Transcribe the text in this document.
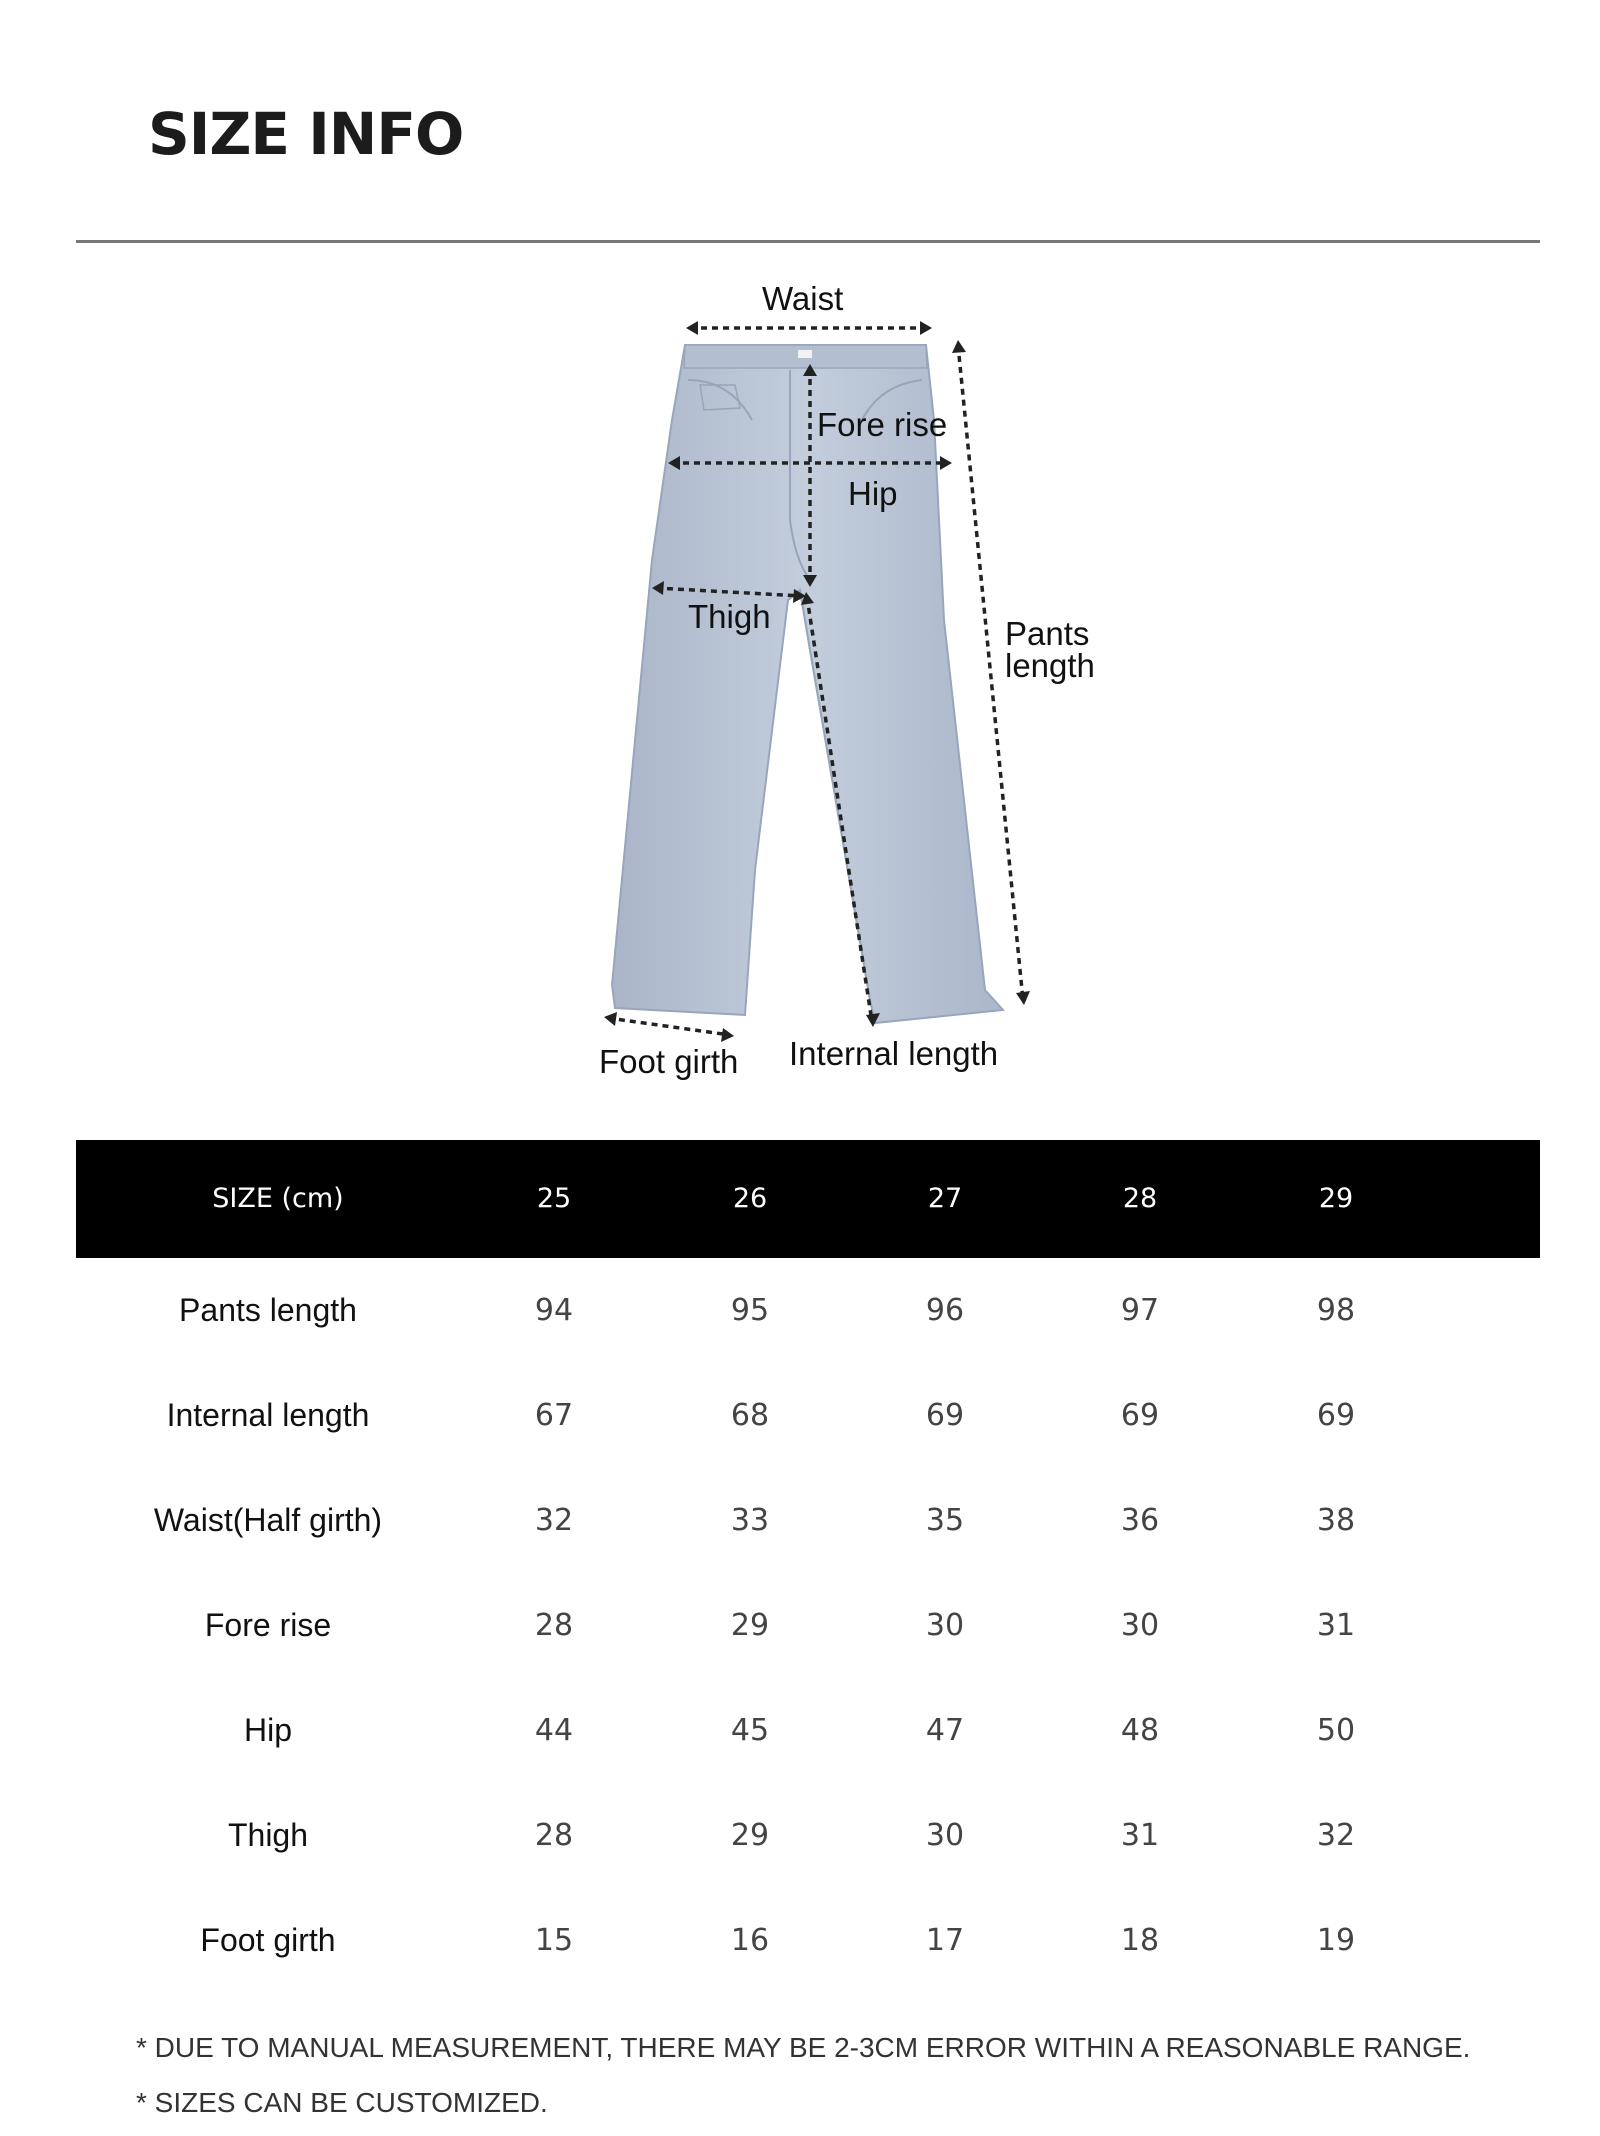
SIZE INFO
Waist
Fore rise
Hip
Thigh	Pants
length
Foot girth Internal length
SIZE (cm)	25	26	27	28	29
Pants length	94	95	96	97	98
Internal length	67	68	69	69	69
Waist(Half girth)	32	33	35	36	38
Fore rise	28	29	30	30	31
Hip	44	45	47	48	50
Thigh	28	29	30	31	32
Foot girth	15	16	17	18	19
* DUE TO MANUAL MEASUREMENT, THERE MAY BE 2-3CM ERROR WITHIN A REASONABLE RANGE.
* SIZES CAN BE CUSTOMIZED.
